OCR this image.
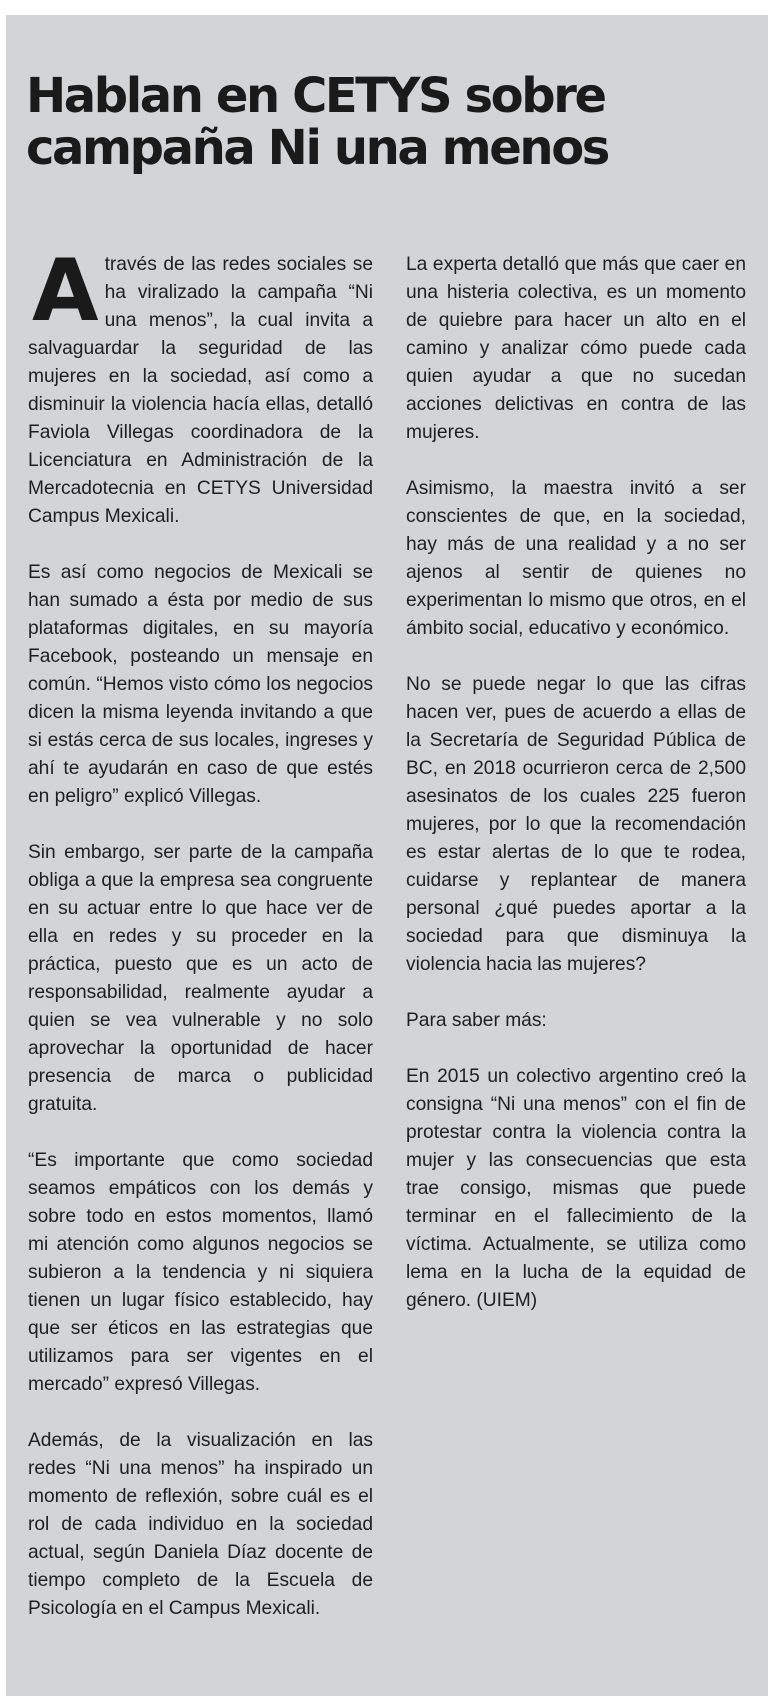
Hablan en CETYS sobre
campaña Ni una menos

A través de las redes sociales se ha viralizado la campaña “Ni una menos”, la cual invita a salvaguardar la seguridad de las mujeres en la sociedad, así como a disminuir la violencia hacía ellas, detalló Faviola Villegas coordinadora de la Licenciatura en Administración de la Mercadotecnia en CETYS Universidad Campus Mexicali.

Es así como negocios de Mexicali se han sumado a ésta por medio de sus plataformas digitales, en su mayoría Facebook, posteando un mensaje en común. “Hemos visto cómo los negocios dicen la misma leyenda invitando a que si estás cerca de sus locales, ingreses y ahí te ayudarán en caso de que estés en peligro” explicó Villegas.

Sin embargo, ser parte de la campaña obliga a que la empresa sea congruente en su actuar entre lo que hace ver de ella en redes y su proceder en la práctica, puesto que es un acto de responsabilidad, realmente ayudar a quien se vea vulnerable y no solo aprovechar la oportunidad de hacer presencia de marca o publicidad gratuita.

“Es importante que como sociedad seamos empáticos con los demás y sobre todo en estos momentos, llamó mi atención como algunos negocios se subieron a la tendencia y ni siquiera tienen un lugar físico establecido, hay que ser éticos en las estrategias que utilizamos para ser vigentes en el mercado” expresó Villegas.

Además, de la visualización en las redes “Ni una menos” ha inspirado un momento de reflexión, sobre cuál es el rol de cada individuo en la sociedad actual, según Daniela Díaz docente de tiempo completo de la Escuela de Psicología en el Campus Mexicali.

La experta detalló que más que caer en una histeria colectiva, es un momento de quiebre para hacer un alto en el camino y analizar cómo puede cada quien ayudar a que no sucedan acciones delictivas en contra de las mujeres.

Asimismo, la maestra invitó a ser conscientes de que, en la sociedad, hay más de una realidad y a no ser ajenos al sentir de quienes no experimentan lo mismo que otros, en el ámbito social, educativo y económico.

No se puede negar lo que las cifras hacen ver, pues de acuerdo a ellas de la Secretaría de Seguridad Pública de BC, en 2018 ocurrieron cerca de 2,500 asesinatos de los cuales 225 fueron mujeres, por lo que la recomendación es estar alertas de lo que te rodea, cuidarse y replantear de manera personal ¿qué puedes aportar a la sociedad para que disminuya la violencia hacia las mujeres?

Para saber más:

En 2015 un colectivo argentino creó la consigna “Ni una menos” con el fin de protestar contra la violencia contra la mujer y las consecuencias que esta trae consigo, mismas que puede terminar en el fallecimiento de la víctima. Actualmente, se utiliza como lema en la lucha de la equidad de género. (UIEM)
